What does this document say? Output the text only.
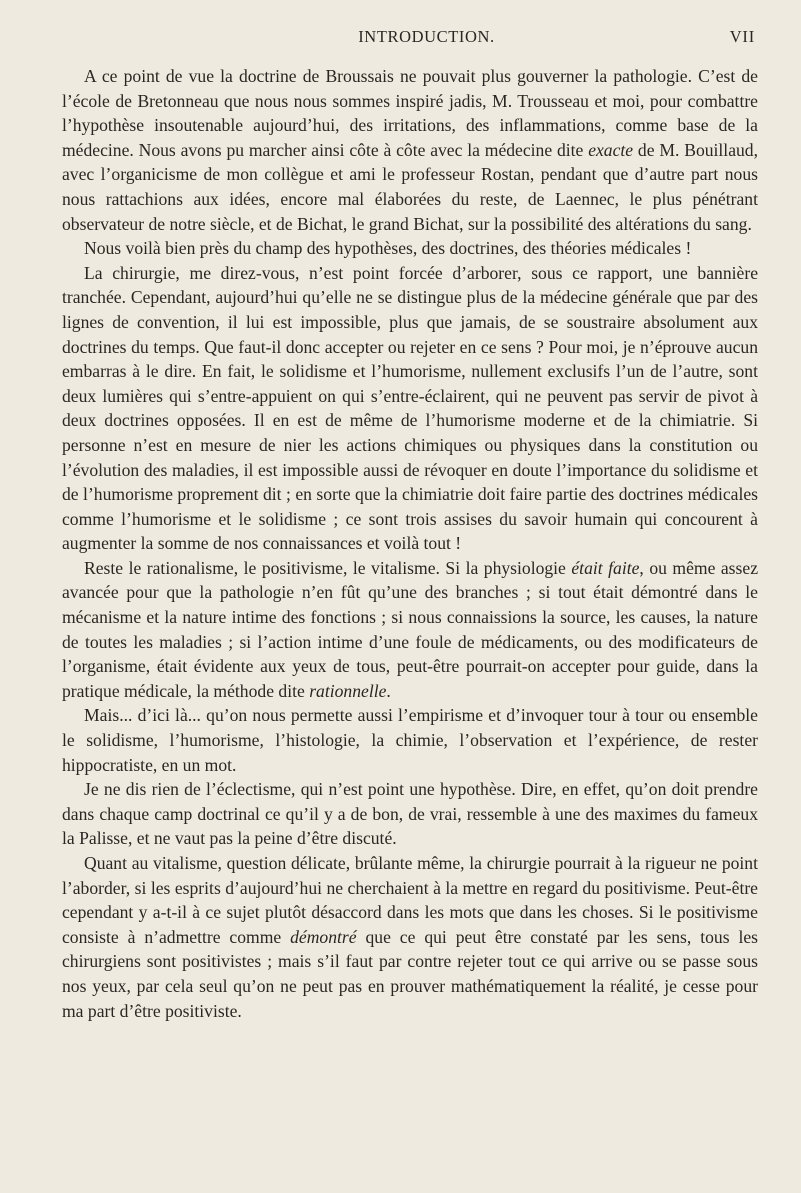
INTRODUCTION.	VII

A ce point de vue la doctrine de Broussais ne pouvait plus gouverner la pathologie. C’est de l’école de Bretonneau que nous nous sommes inspiré jadis, M. Trousseau et moi, pour combattre l’hypothèse insoutenable aujourd’hui, des irritations, des inflammations, comme base de la médecine. Nous avons pu marcher ainsi côte à côte avec la médecine dite exacte de M. Bouillaud, avec l’organicisme de mon collègue et ami le professeur Rostan, pendant que d’autre part nous nous rattachions aux idées, encore mal élaborées du reste, de Laennec, le plus pénétrant observateur de notre siècle, et de Bichat, le grand Bichat, sur la possibilité des altérations du sang.

Nous voilà bien près du champ des hypothèses, des doctrines, des théories médicales !

La chirurgie, me direz-vous, n’est point forcée d’arborer, sous ce rapport, une bannière tranchée. Cependant, aujourd’hui qu’elle ne se distingue plus de la médecine générale que par des lignes de convention, il lui est impossible, plus que jamais, de se soustraire absolument aux doctrines du temps. Que faut-il donc accepter ou rejeter en ce sens ? Pour moi, je n’éprouve aucun embarras à le dire. En fait, le solidisme et l’humorisme, nullement exclusifs l’un de l’autre, sont deux lumières qui s’entre-appuient on qui s’entre-éclairent, qui ne peuvent pas servir de pivot à deux doctrines opposées. Il en est de même de l’humorisme moderne et de la chimiatrie. Si personne n’est en mesure de nier les actions chimiques ou physiques dans la constitution ou l’évolution des maladies, il est impossible aussi de révoquer en doute l’importance du solidisme et de l’humorisme proprement dit ; en sorte que la chimiatrie doit faire partie des doctrines médicales comme l’humorisme et le solidisme ; ce sont trois assises du savoir humain qui concourent à augmenter la somme de nos connaissances et voilà tout !

Reste le rationalisme, le positivisme, le vitalisme. Si la physiologie était faite, ou même assez avancée pour que la pathologie n’en fût qu’une des branches ; si tout était démontré dans le mécanisme et la nature intime des fonctions ; si nous connaissions la source, les causes, la nature de toutes les maladies ; si l’action intime d’une foule de médicaments, ou des modificateurs de l’organisme, était évidente aux yeux de tous, peut-être pourrait-on accepter pour guide, dans la pratique médicale, la méthode dite rationnelle.

Mais... d’ici là... qu’on nous permette aussi l’empirisme et d’invoquer tour à tour ou ensemble le solidisme, l’humorisme, l’histologie, la chimie, l’observation et l’expérience, de rester hippocratiste, en un mot.

Je ne dis rien de l’éclectisme, qui n’est point une hypothèse. Dire, en effet, qu’on doit prendre dans chaque camp doctrinal ce qu’il y a de bon, de vrai, ressemble à une des maximes du fameux la Palisse, et ne vaut pas la peine d’être discuté.

Quant au vitalisme, question délicate, brûlante même, la chirurgie pourrait à la rigueur ne point l’aborder, si les esprits d’aujourd’hui ne cherchaient à la mettre en regard du positivisme. Peut-être cependant y a-t-il à ce sujet plutôt désaccord dans les mots que dans les choses. Si le positivisme consiste à n’admettre comme démontré que ce qui peut être constaté par les sens, tous les chirurgiens sont positivistes ; mais s’il faut par contre rejeter tout ce qui arrive ou se passe sous nos yeux, par cela seul qu’on ne peut pas en prouver mathématiquement la réalité, je cesse pour ma part d’être positiviste.
